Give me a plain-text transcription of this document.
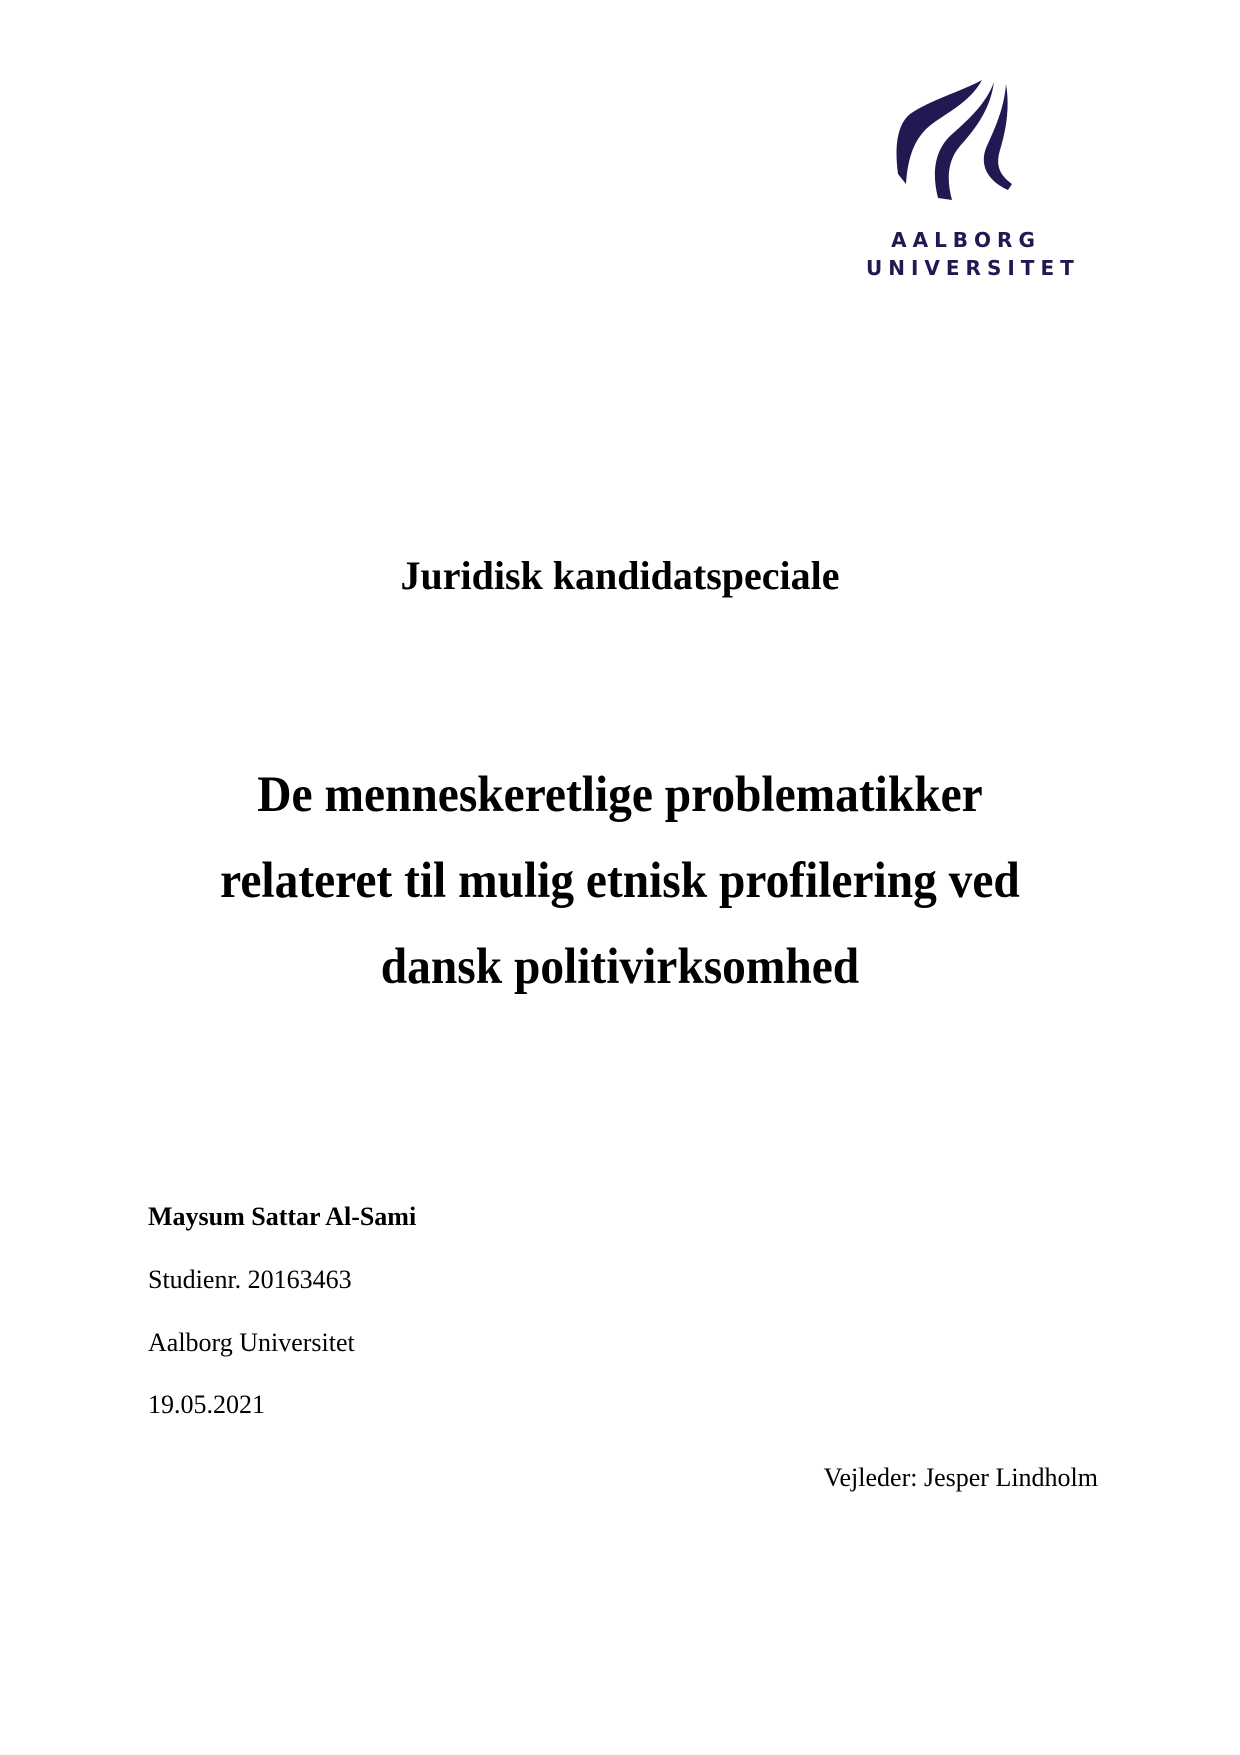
AALBORG
UNIVERSITET
Juridisk kandidatspeciale
De menneskeretlige problematikker
relateret til mulig etnisk profilering ved
dansk politivirksomhed
Maysum Sattar Al-Sami
Studienr. 20163463
Aalborg Universitet
19.05.2021
Vejleder: Jesper Lindholm
